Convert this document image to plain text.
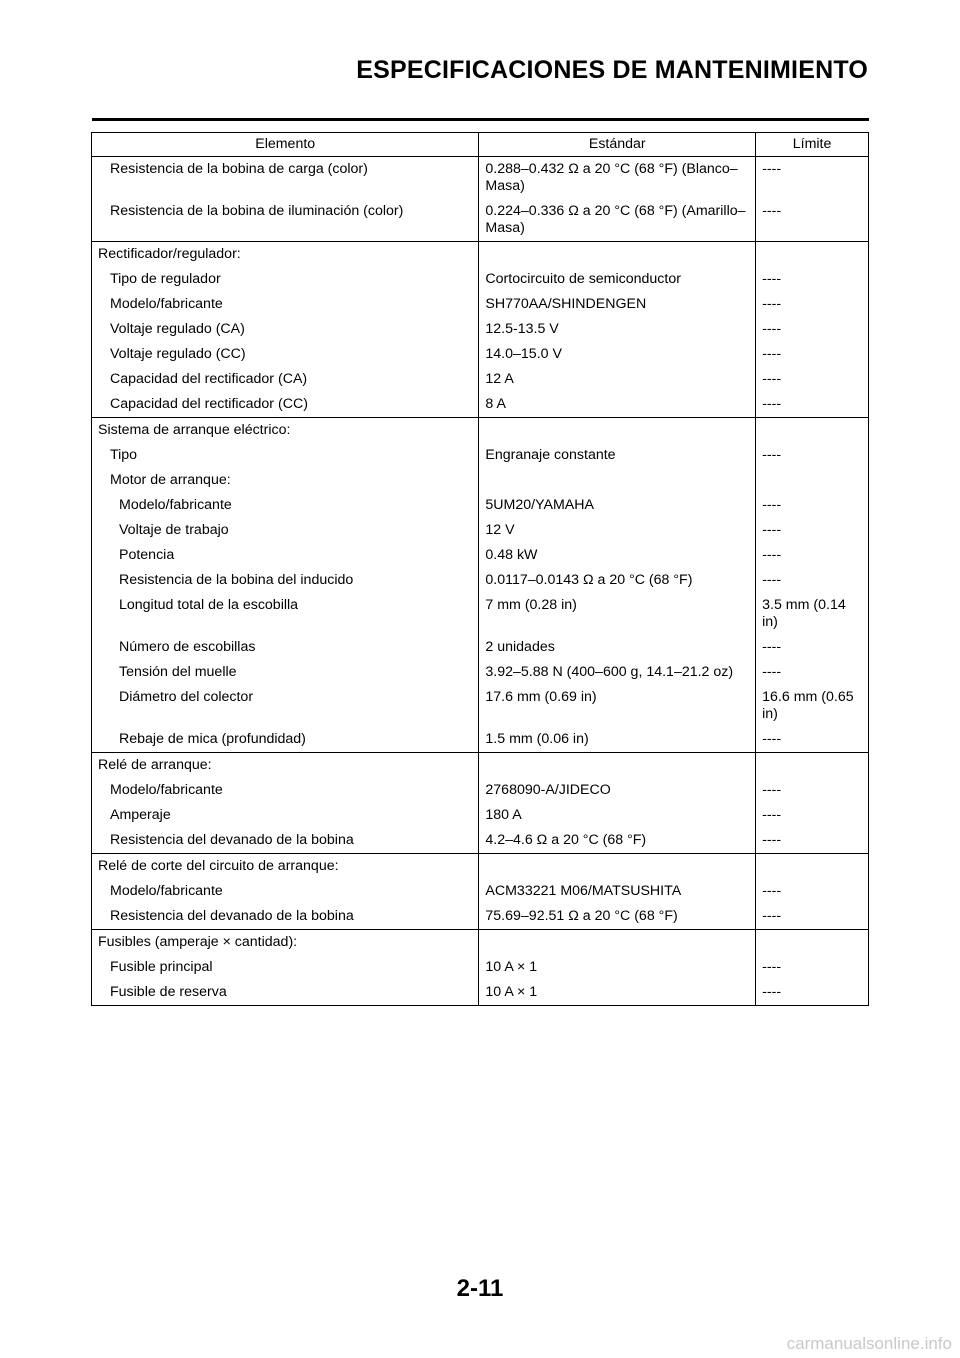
ESPECIFICACIONES DE MANTENIMIENTO
Elemento	Estándar	Límite
Resistencia de la bobina de carga (color)	0.288–0.432 Ω a 20 °C (68 °F) (Blanco–Masa)	----
Resistencia de la bobina de iluminación (color)	0.224–0.336 Ω a 20 °C (68 °F) (Amarillo–Masa)	----
Rectificador/regulador:		
Tipo de regulador	Cortocircuito de semiconductor	----
Modelo/fabricante	SH770AA/SHINDENGEN	----
Voltaje regulado (CA)	12.5-13.5 V	----
Voltaje regulado (CC)	14.0–15.0 V	----
Capacidad del rectificador (CA)	12 A	----
Capacidad del rectificador (CC)	8 A	----
Sistema de arranque eléctrico:		
Tipo	Engranaje constante	----
Motor de arranque:		
Modelo/fabricante	5UM20/YAMAHA	----
Voltaje de trabajo	12 V	----
Potencia	0.48 kW	----
Resistencia de la bobina del inducido	0.0117–0.0143 Ω a 20 °C (68 °F)	----
Longitud total de la escobilla	7 mm (0.28 in)	3.5 mm (0.14 in)
Número de escobillas	2 unidades	----
Tensión del muelle	3.92–5.88 N (400–600 g, 14.1–21.2 oz)	----
Diámetro del colector	17.6 mm (0.69 in)	16.6 mm (0.65 in)
Rebaje de mica (profundidad)	1.5 mm (0.06 in)	----
Relé de arranque:		
Modelo/fabricante	2768090-A/JIDECO	----
Amperaje	180 A	----
Resistencia del devanado de la bobina	4.2–4.6 Ω a 20 °C (68 °F)	----
Relé de corte del circuito de arranque:		
Modelo/fabricante	ACM33221 M06/MATSUSHITA	----
Resistencia del devanado de la bobina	75.69–92.51 Ω a 20 °C (68 °F)	----
Fusibles (amperaje × cantidad):		
Fusible principal	10 A × 1	----
Fusible de reserva	10 A × 1	----
2-11
carmanualsonline.info
